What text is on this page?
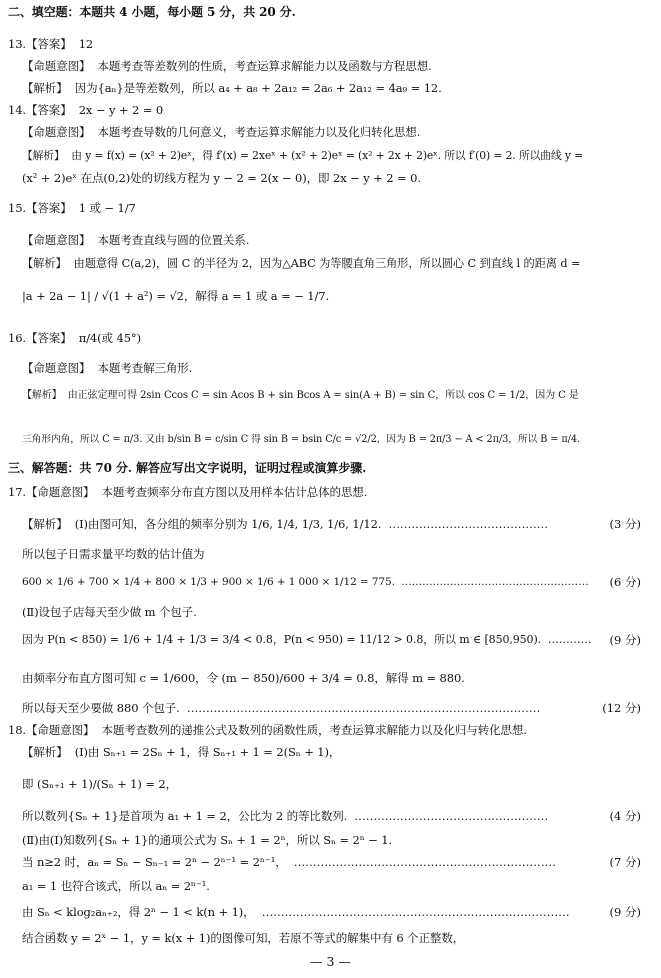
二、填空题：本题共 4 小题，每小题 5 分，共 20 分.
13.【答案】  12
【命题意图】  本题考查等差数列的性质，考查运算求解能力以及函数与方程思想.
【解析】  因为{aₙ}是等差数列，所以 a₄ + a₈ + 2a₁₂ = 2a₆ + 2a₁₂ = 4a₉ = 12.
14.【答案】  2x − y + 2 = 0
【命题意图】  本题考查导数的几何意义，考查运算求解能力以及化归转化思想.
【解析】  由 y = f(x) = (x² + 2)eˣ，得 f′(x) = 2xeˣ + (x² + 2)eˣ = (x² + 2x + 2)eˣ. 所以 f′(0) = 2. 所以曲线 y =
(x² + 2)eˣ 在点(0,2)处的切线方程为 y − 2 = 2(x − 0)，即 2x − y + 2 = 0.
15.【答案】  1 或 − 1/7
【命题意图】  本题考查直线与圆的位置关系.
【解析】  由题意得 C(a,2)，圆 C 的半径为 2，因为△ABC 为等腰直角三角形，所以圆心 C 到直线 l 的距离 d =
|a + 2a − 1| / √(1 + a²) = √2，解得 a = 1 或 a = − 1/7.
16.【答案】  π/4(或 45°)
【命题意图】  本题考查解三角形.
【解析】  由正弦定理可得 2sin Ccos C = sin Acos B + sin Bcos A = sin(A + B) = sin C，所以 cos C = 1/2，因为 C 是
三角形内角，所以 C = π/3. 又由 b/sin B = c/sin C 得 sin B = bsin C/c = √2/2，因为 B = 2π/3 − A < 2π/3，所以 B = π/4.
三、解答题：共 70 分. 解答应写出文字说明，证明过程或演算步骤.
17.【命题意图】  本题考查频率分布直方图以及用样本估计总体的思想.
【解析】  (Ⅰ)由图可知，各分组的频率分别为 1/6, 1/4, 1/3, 1/6, 1/12.  ……………………………………
所以包子日需求量平均数的估计值为
600 × 1/6 + 700 × 1/4 + 800 × 1/3 + 900 × 1/6 + 1 000 × 1/12 = 775.  ………………………………………………
(Ⅱ)设包子店每天至少做 m 个包子.
因为 P(n < 850) = 1/6 + 1/4 + 1/3 = 3/4 < 0.8，P(n < 950) = 11/12 > 0.8，所以 m ∈ [850,950).  …………
由频率分布直方图可知 c = 1/600，令 (m − 850)/600 + 3/4 = 0.8，解得 m = 880.
所以每天至少要做 880 个包子.  …………………………………………………………………………………
18.【命题意图】  本题考查数列的递推公式及数列的函数性质，考查运算求解能力以及化归与转化思想.
【解析】  (Ⅰ)由 Sₙ₊₁ = 2Sₙ + 1，得 Sₙ₊₁ + 1 = 2(Sₙ + 1)，
即 (Sₙ₊₁ + 1)/(Sₙ + 1) = 2，
所以数列{Sₙ + 1}是首项为 a₁ + 1 = 2，公比为 2 的等比数列.  ……………………………………………
(Ⅱ)由(Ⅰ)知数列{Sₙ + 1}的通项公式为 Sₙ + 1 = 2ⁿ，所以 Sₙ = 2ⁿ − 1.
当 n≥2 时，aₙ = Sₙ − Sₙ₋₁ = 2ⁿ − 2ⁿ⁻¹ = 2ⁿ⁻¹，  ……………………………………………………………
a₁ = 1 也符合该式，所以 aₙ = 2ⁿ⁻¹.
由 Sₙ < klog₂aₙ₊₂，得 2ⁿ − 1 < k(n + 1)，  ………………………………………………………………………
结合函数 y = 2ˣ − 1，y = k(x + 1)的图像可知，若原不等式的解集中有 6 个正整数，
(3 分)
(6 分)
(9 分)
(12 分)
(4 分)
(7 分)
(9 分)
— 3 —
